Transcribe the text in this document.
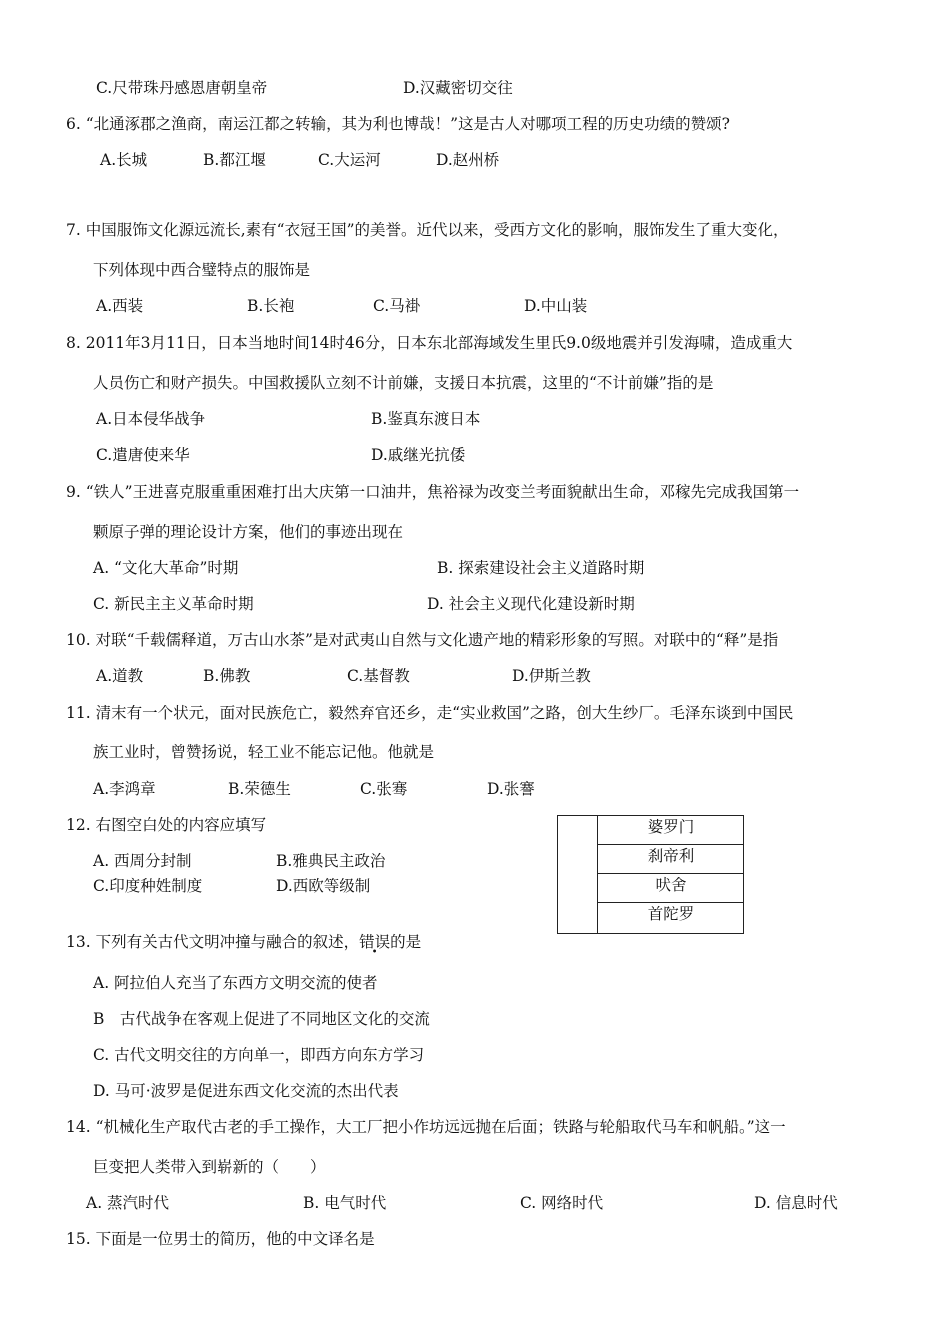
C.尺带珠丹感恩唐朝皇帝	D.汉藏密切交往
6. “北通涿郡之渔商，南运江都之转输，其为利也博哉！”这是古人对哪项工程的历史功绩的赞颂?
A.长城	B.都江堰	C.大运河	D.赵州桥
7. 中国服饰文化源远流长,素有“衣冠王国”的美誉。近代以来，受西方文化的影响，服饰发生了重大变化，
下列体现中西合璧特点的服饰是
A.西装	B.长袍	C.马褂	D.中山装
8. 2011年3月11日，日本当地时间14时46分，日本东北部海域发生里氏9.0级地震并引发海啸，造成重大
人员伤亡和财产损失。中国救援队立刻不计前嫌，支援日本抗震，这里的“不计前嫌”指的是
A.日本侵华战争	B.鉴真东渡日本
C.遣唐使来华	D.戚继光抗倭
9. “铁人”王进喜克服重重困难打出大庆第一口油井，焦裕禄为改变兰考面貌献出生命，邓稼先完成我国第一
颗原子弹的理论设计方案，他们的事迹出现在
A. “文化大革命”时期	B. 探索建设社会主义道路时期
C. 新民主主义革命时期	D. 社会主义现代化建设新时期
10. 对联“千载儒释道，万古山水茶”是对武夷山自然与文化遗产地的精彩形象的写照。对联中的“释”是指
A.道教	B.佛教	C.基督教	D.伊斯兰教
11. 清末有一个状元，面对民族危亡，毅然弃官还乡，走“实业救国”之路，创大生纱厂。毛泽东谈到中国民
族工业时，曾赞扬说，轻工业不能忘记他。他就是
A.李鸿章	B.荣德生	C.张骞	D.张謇
12. 右图空白处的内容应填写
A. 西周分封制	B.雅典民主政治
C.印度种姓制度	D.西欧等级制
婆罗门
刹帝利
吠舍
首陀罗
13. 下列有关古代文明冲撞与融合的叙述，错误的是
A. 阿拉伯人充当了东西方文明交流的使者
B　古代战争在客观上促进了不同地区文化的交流
C. 古代文明交往的方向单一，即西方向东方学习
D. 马可·波罗是促进东西文化交流的杰出代表
14. “机械化生产取代古老的手工操作，大工厂把小作坊远远抛在后面；铁路与轮船取代马车和帆船。”这一
巨变把人类带入到崭新的（　　）
A. 蒸汽时代	B. 电气时代	C. 网络时代	D. 信息时代
15. 下面是一位男士的简历，他的中文译名是
